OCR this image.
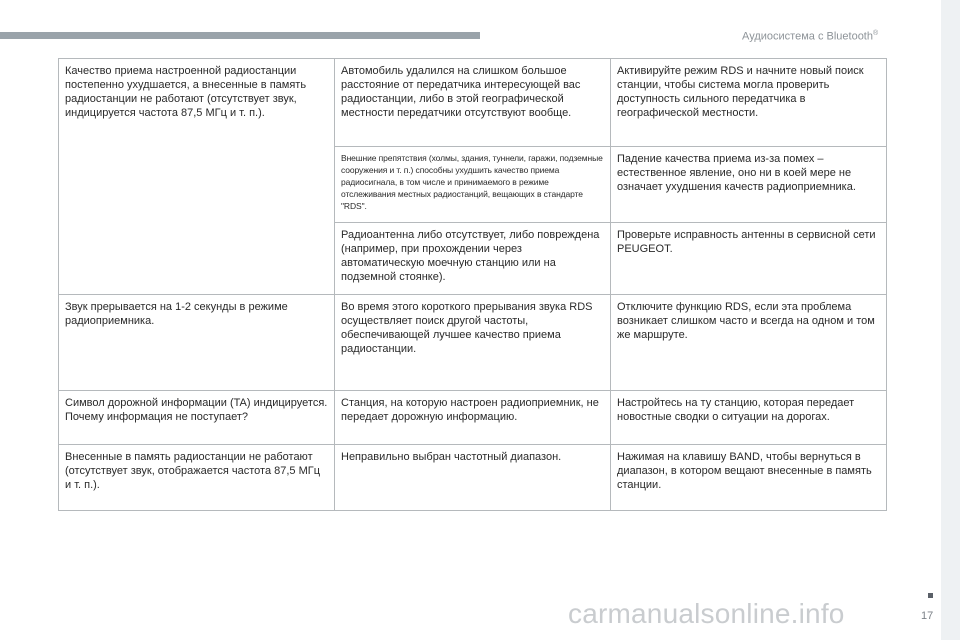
Аудиосистема с Bluetooth®
Качество приема настроенной радиостанции постепенно ухудшается, а внесенные в память радиостанции не работают (отсутствует звук, индицируется частота 87,5 МГц и т. п.).	Автомобиль удалился на слишком большое расстояние от передатчика интересующей вас радиостанции, либо в этой географической местности передатчики отсутствуют вообще.	Активируйте режим RDS и начните новый поиск станции, чтобы система могла проверить доступность сильного передатчика в географической местности.
	Внешние препятствия (холмы, здания, туннели, гаражи, подземные сооружения и т. п.) способны ухудшить качество приема радиосигнала, в том числе и принимаемого в режиме отслеживания местных радиостанций, вещающих в стандарте "RDS".	Падение качества приема из-за помех – естественное явление, оно ни в коей мере не означает ухудшения качеств радиоприемника.
	Радиоантенна либо отсутствует, либо повреждена (например, при прохождении через автоматическую моечную станцию или на подземной стоянке).	Проверьте исправность антенны в сервисной сети PEUGEOT.
Звук прерывается на 1-2 секунды в режиме радиоприемника.	Во время этого короткого прерывания звука RDS осуществляет поиск другой частоты, обеспечивающей лучшее качество приема радиостанции.	Отключите функцию RDS, если эта проблема возникает слишком часто и всегда на одном и том же маршруте.
Символ дорожной информации (TA) индицируется. Почему информация не поступает?	Станция, на которую настроен радиоприемник, не передает дорожную информацию.	Настройтесь на ту станцию, которая передает новостные сводки о ситуации на дорогах.
Внесенные в память радиостанции не работают (отсутствует звук, отображается частота 87,5 МГц и т. п.).	Неправильно выбран частотный диапазон.	Нажимая на клавишу BAND, чтобы вернуться в диапазон, в котором вещают внесенные в память станции.
17
carmanualsonline.info
